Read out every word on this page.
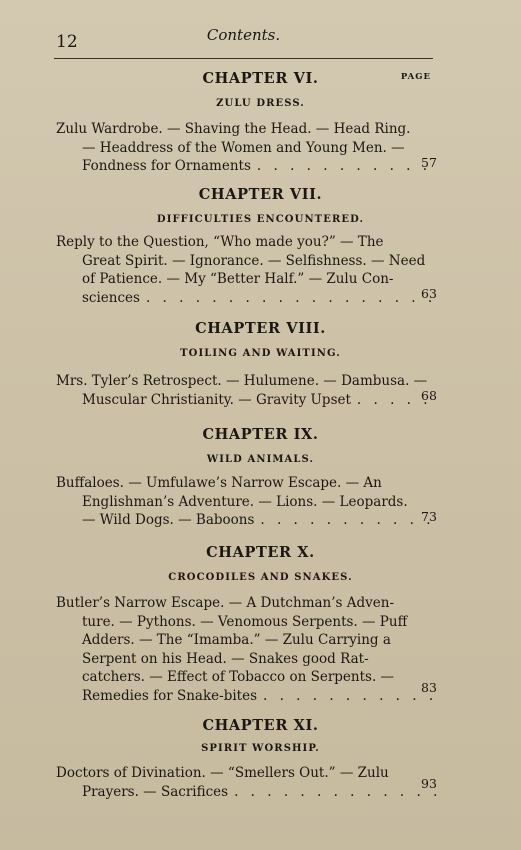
12	Contents.
PAGE
CHAPTER VI.
ZULU DRESS.
Zulu Wardrobe. — Shaving the Head. — Head Ring.
— Headdress of the Women and Young Men. —
Fondness for Ornaments . . .	57
CHAPTER VII.
DIFFICULTIES ENCOUNTERED.
Reply to the Question, “Who made you?” — The
Great Spirit. — Ignorance. — Selfishness. — Need
of Patience. — My “Better Half.” — Zulu Con-
sciences . . .	63
CHAPTER VIII.
TOILING AND WAITING.
Mrs. Tyler’s Retrospect. — Hulumene. — Dambusa. —
Muscular Christianity. — Gravity Upset . . .	68
CHAPTER IX.
WILD ANIMALS.
Buffaloes. — Umfulawe’s Narrow Escape. — An
Englishman’s Adventure. — Lions. — Leopards.
— Wild Dogs. — Baboons . . .	73
CHAPTER X.
CROCODILES AND SNAKES.
Butler’s Narrow Escape. — A Dutchman’s Adven-
ture. — Pythons. — Venomous Serpents. — Puff
Adders. — The “Imamba.” — Zulu Carrying a
Serpent on his Head. — Snakes good Rat-
catchers. — Effect of Tobacco on Serpents. —
Remedies for Snake-bites . . .	83
CHAPTER XI.
SPIRIT WORSHIP.
Doctors of Divination. — “Smellers Out.” — Zulu
Prayers. — Sacrifices . . .	93
